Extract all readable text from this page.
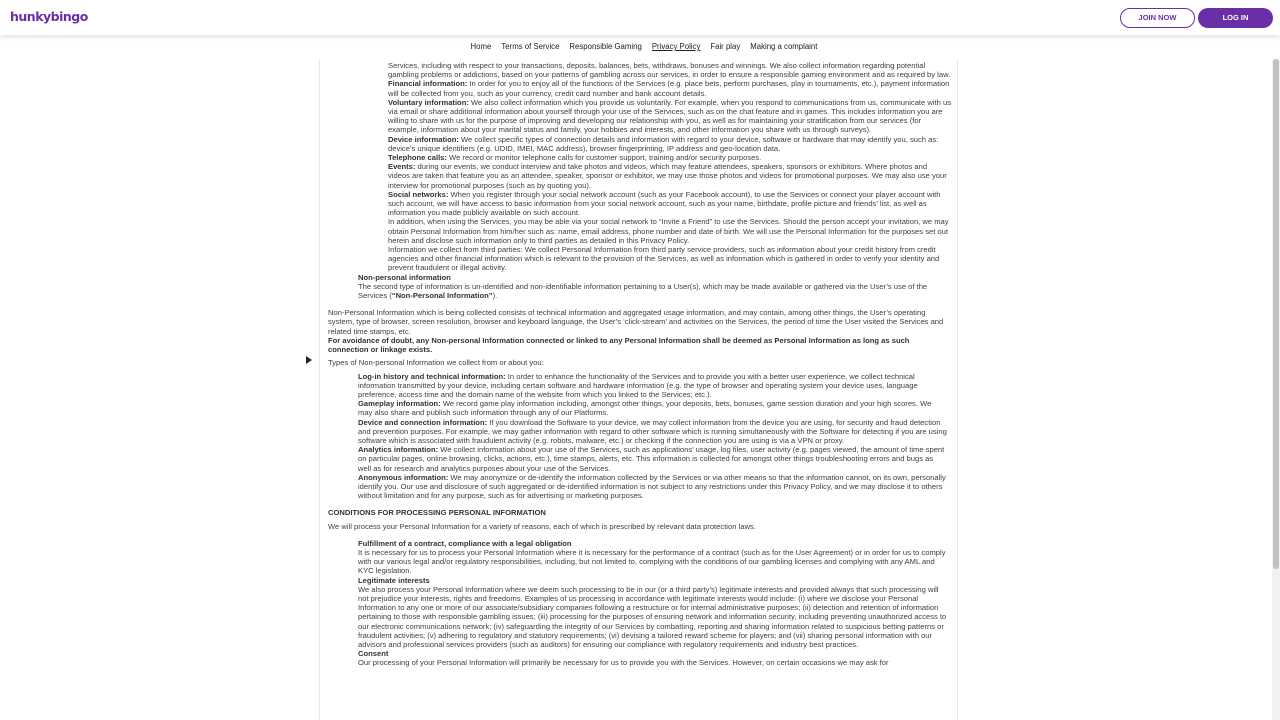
hunkybingo	JOIN NOW	LOG IN
Home Terms of Service Responsible Gaming Privacy Policy Fair play Making a complaint

Services, including with respect to your transactions, deposits, balances, bets, withdraws, bonuses and winnings. We also collect information regarding potential gambling problems or addictions, based on your patterns of gambling across our services, in order to ensure a responsible gaming environment and as required by law.

Financial information: In order for you to enjoy all of the functions of the Services (e.g. place bets, perform purchases, play in tournaments, etc.), payment information will be collected from you, such as your currency, credit card number and bank account details.

Voluntary information: We also collect information which you provide us voluntarily. For example, when you respond to communications from us, communicate with us via email or share additional information about yourself through your use of the Services, such as on the chat feature and in games. This includes information you are willing to share with us for the purpose of improving and developing our relationship with you, as well as for maintaining your stratification from our services (for example, information about your marital status and family, your hobbies and interests, and other information you share with us through surveys).

Device information: We collect specific types of connection details and information with regard to your device, software or hardware that may identify you, such as: device’s unique identifiers (e.g. UDID, IMEI, MAC address), browser fingerprinting, IP address and geo-location data.

Telephone calls: We record or monitor telephone calls for customer support, training and/or security purposes.

Events: during our events, we conduct interview and take photos and videos, which may feature attendees, speakers, sponsors or exhibitors. Where photos and videos are taken that feature you as an attendee, speaker, sponsor or exhibitor, we may use those photos and videos for promotional purposes. We may also use your interview for promotional purposes (such as by quoting you).

Social networks: When you register through your social network account (such as your Facebook account), to use the Services or connect your player account with such account, we will have access to basic information from your social network account, such as your name, birthdate, profile picture and friends’ list, as well as information you made publicly available on such account.

In addition, when using the Services, you may be able via your social network to “Invite a Friend” to use the Services. Should the person accept your invitation, we may obtain Personal Information from him/her such as: name, email address, phone number and date of birth. We will use the Personal Information for the purposes set out herein and disclose such information only to third parties as detailed in this Privacy Policy.

Information we collect from third parties: We collect Personal Information from third party service providers, such as information about your credit history from credit agencies and other financial information which is relevant to the provision of the Services, as well as information which is gathered in order to verify your identity and prevent fraudulent or illegal activity.

Non-personal information

The second type of information is un-identified and non-identifiable information pertaining to a User(s), which may be made available or gathered via the User’s use of the Services (“Non-Personal Information”).

Non-Personal Information which is being collected consists of technical information and aggregated usage information, and may contain, among other things, the User’s operating system, type of browser, screen resolution, browser and keyboard language, the User’s ‘click-stream’ and activities on the Services, the period of time the User visited the Services and related time stamps, etc.

For avoidance of doubt, any Non-personal Information connected or linked to any Personal Information shall be deemed as Personal Information as long as such connection or linkage exists.

Types of Non-personal Information we collect from or about you:

Log-in history and technical information: In order to enhance the functionality of the Services and to provide you with a better user experience, we collect technical information transmitted by your device, including certain software and hardware information (e.g. the type of browser and operating system your device uses, language preference, access time and the domain name of the website from which you linked to the Services; etc.).

Gameplay information: We record game play information including, amongst other things, your deposits, bets, bonuses, game session duration and your high scores. We may also share and publish such information through any of our Platforms.

Device and connection information: If you download the Software to your device, we may collect information from the device you are using, for security and fraud detection and prevention purposes. For example, we may gather information with regard to other software which is running simultaneously with the Software for detecting if you are using software which is associated with fraudulent activity (e.g. robots, malware, etc.) or checking if the connection you are using is via a VPN or proxy.

Analytics information: We collect information about your use of the Services, such as applications’ usage, log files, user activity (e.g. pages viewed, the amount of time spent on particular pages, online browsing, clicks, actions, etc.), time stamps, alerts, etc. This information is collected for amongst other things troubleshooting errors and bugs as well as for research and analytics purposes about your use of the Services.

Anonymous information: We may anonymize or de-identify the information collected by the Services or via other means so that the information cannot, on its own, personally identify you. Our use and disclosure of such aggregated or de-identified information is not subject to any restrictions under this Privacy Policy, and we may disclose it to others without limitation and for any purpose, such as for advertising or marketing purposes.

CONDITIONS FOR PROCESSING PERSONAL INFORMATION

We will process your Personal Information for a variety of reasons, each of which is prescribed by relevant data protection laws.

Fulfillment of a contract, compliance with a legal obligation

It is necessary for us to process your Personal Information where it is necessary for the performance of a contract (such as for the User Agreement) or in order for us to comply with our various legal and/or regulatory responsibilities, including, but not limited to, complying with the conditions of our gambling licenses and complying with any AML and KYC legislation.

Legitimate interests

We also process your Personal Information where we deem such processing to be in our (or a third party’s) legitimate interests and provided always that such processing will not prejudice your interests, rights and freedoms. Examples of us processing in accordance with legitimate interests would include: (i) where we disclose your Personal Information to any one or more of our associate/subsidiary companies following a restructure or for internal administrative purposes; (ii) detection and retention of information pertaining to those with responsible gambling issues; (iii) processing for the purposes of ensuring network and information security, including preventing unauthorized access to our electronic communications network; (iv) safeguarding the integrity of our Services by combatting, reporting and sharing information related to suspicious betting patterns or fraudulent activities; (v) adhering to regulatory and statutory requirements; (vi) devising a tailored reward scheme for players; and (vii) sharing personal information with our advisors and professional services providers (such as auditors) for ensuring our compliance with regulatory requirements and industry best practices.

Consent

Our processing of your Personal Information will primarily be necessary for us to provide you with the Services. However, on certain occasions we may ask for
